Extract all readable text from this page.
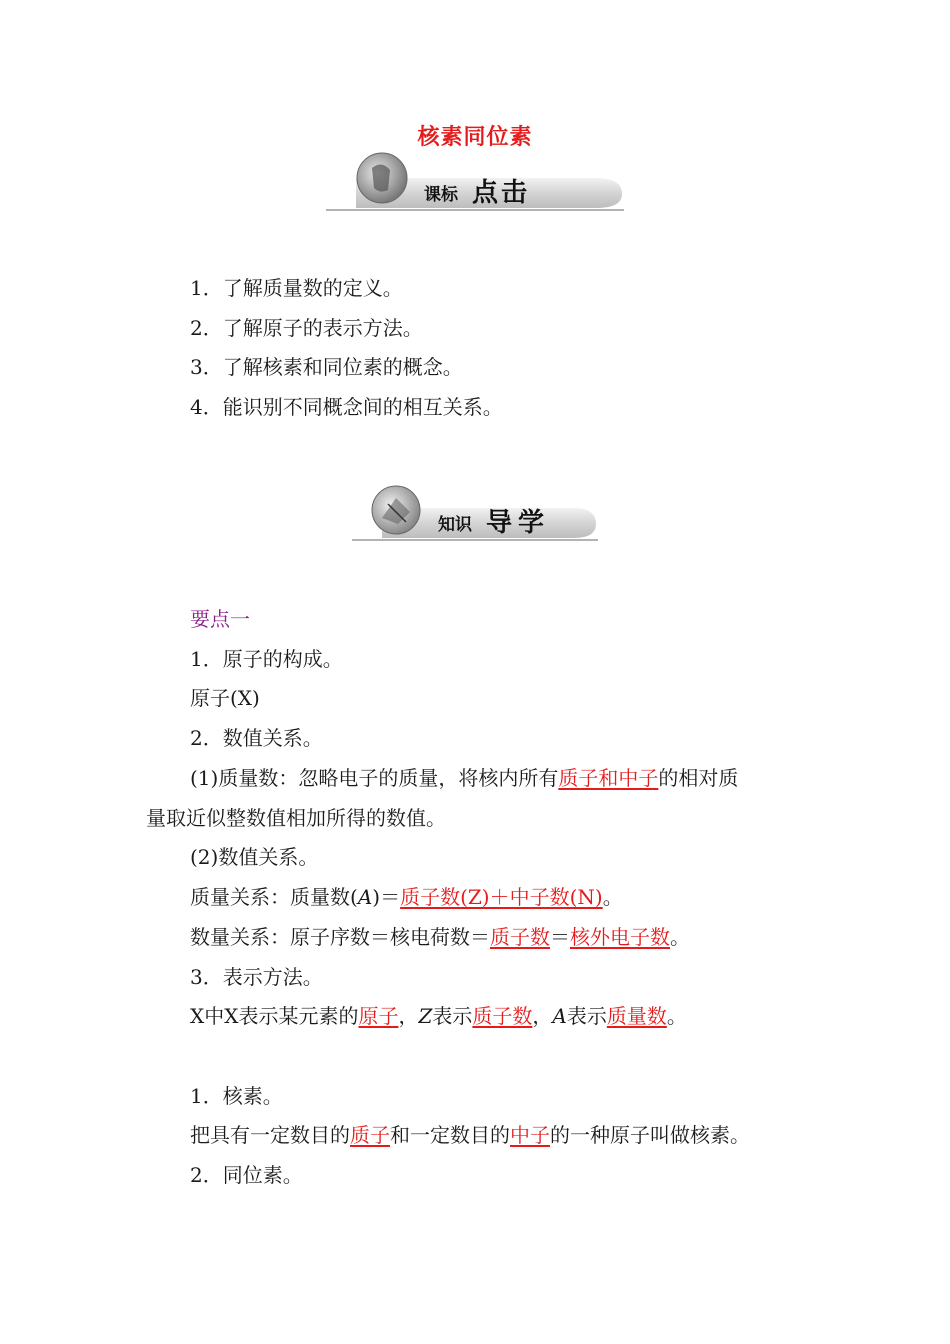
核素同位素
课标 点击
1．了解质量数的定义。
2．了解原子的表示方法。
3．了解核素和同位素的概念。
4．能识别不同概念间的相互关系。
知识 导学
要点一
1．原子的构成。
原子(X)
2．数值关系。
(1)质量数：忽略电子的质量，将核内所有质子和中子的相对质
量取近似整数值相加所得的数值。
(2)数值关系。
质量关系：质量数(A)＝质子数(Z)＋中子数(N)。
数量关系：原子序数＝核电荷数＝质子数＝核外电子数。
3．表示方法。
X中X表示某元素的原子，Z表示质子数，A表示质量数。
1．核素。
把具有一定数目的质子和一定数目的中子的一种原子叫做核素。
2．同位素。
